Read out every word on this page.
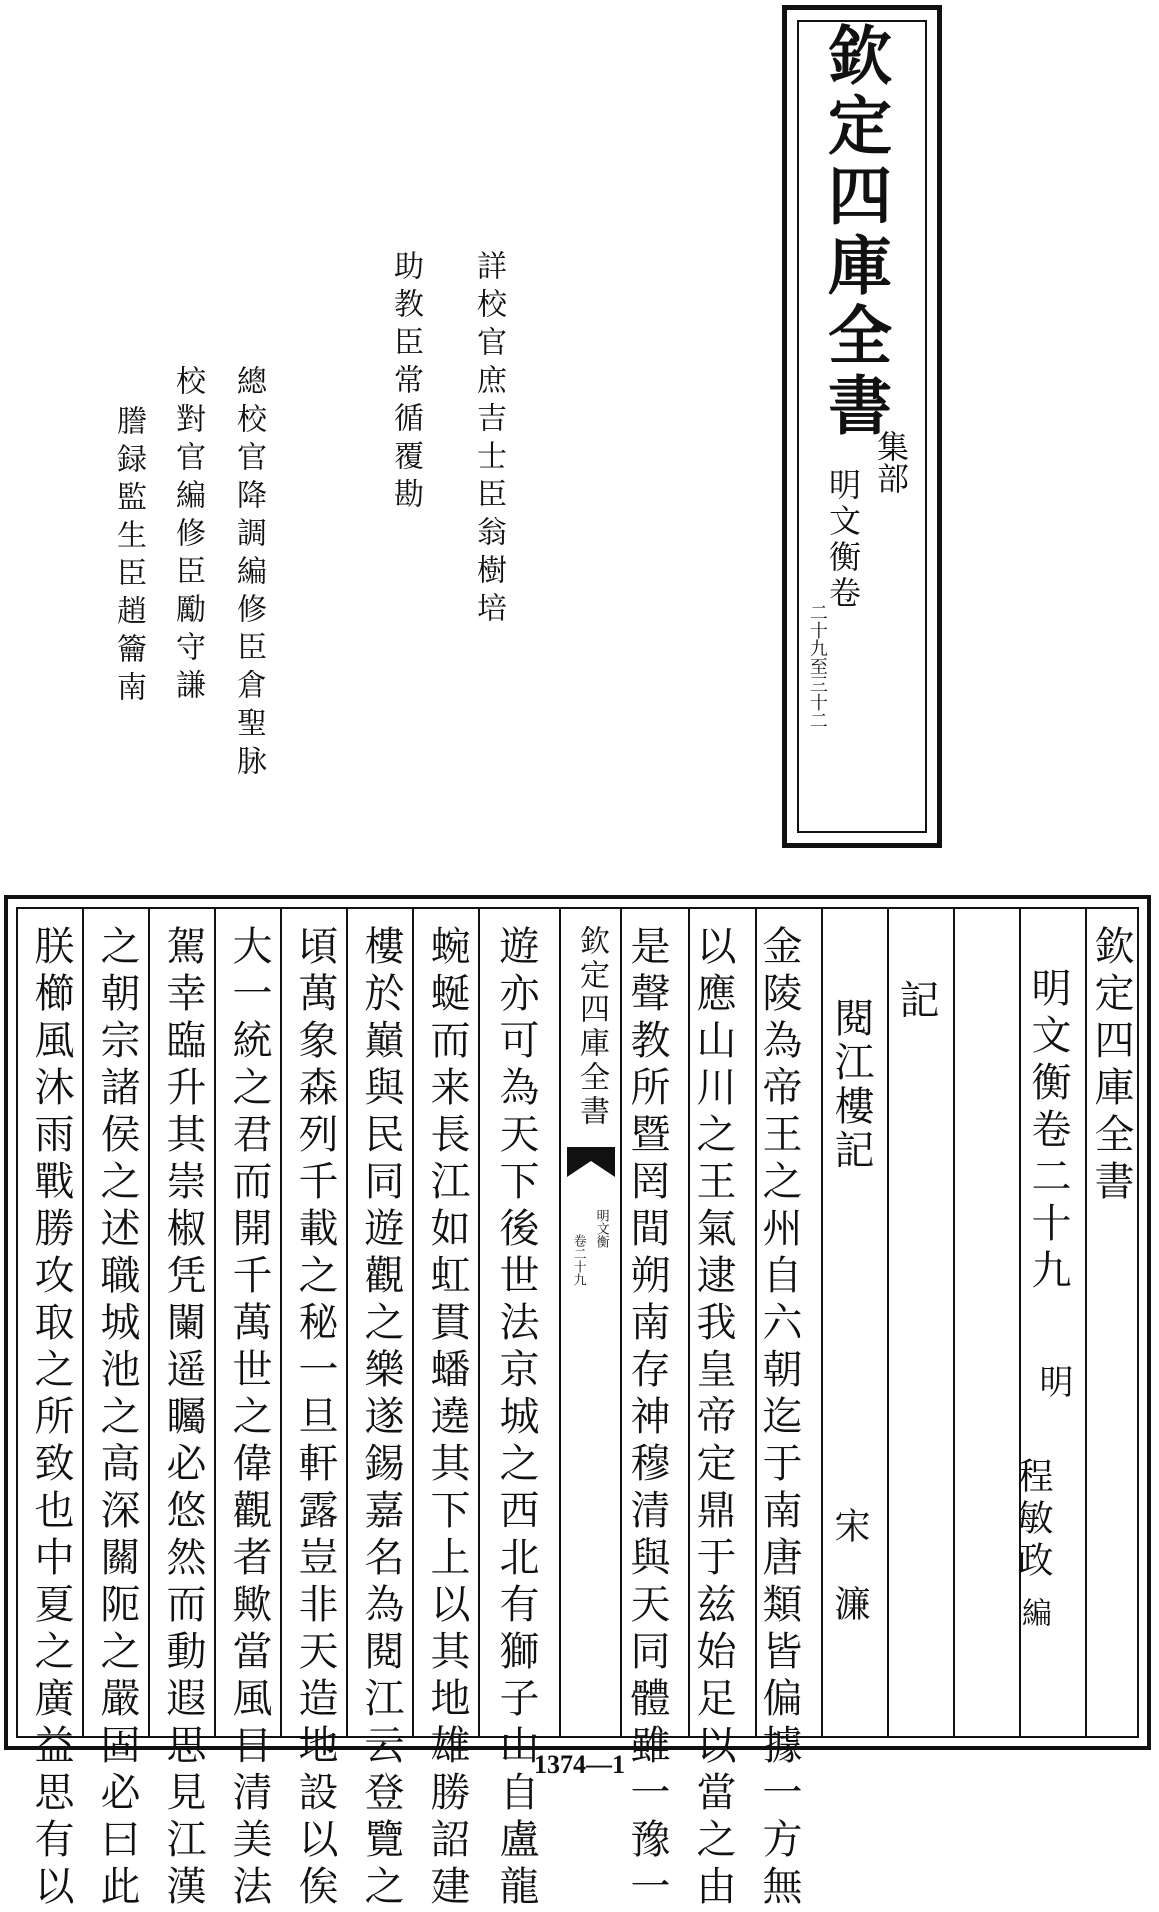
欽定四庫全書
集部
明文衡卷
二十九至三十二
詳校官庶吉士臣翁樹培
助教臣常循覆勘
總校官降調編修臣倉聖脉
校對官編修臣勵守謙
謄録監生臣趙籥南
欽定四庫全書
明文衡卷二十九
明
程敏政
編
記
閱江樓記
宋濂
金陵為帝王之州自六朝迄于南唐類皆偏據一方無
以應山川之王氣逮我皇帝定鼎于兹始足以當之由
是聲教所暨罔間朔南存神穆清與天同體雖一豫一
遊亦可為天下後世法京城之西北有獅子山自盧龍
蜿蜒而来長江如虹貫蟠遶其下上以其地雄勝詔建
樓於巔與民同遊觀之樂遂錫嘉名為閱江云登覽之
頃萬象森列千載之秘一旦軒露豈非天造地設以俟
大一統之君而開千萬世之偉觀者歟當風日清美法
駕幸臨升其崇椒凭闌遥矚必悠然而動遐思見江漢
之朝宗諸侯之述職城池之高深關阨之嚴固必曰此
朕櫛風沐雨戰勝攻取之所致也中夏之廣益思有以	欽定四庫全書
明文衡
卷二十九
1374—1
